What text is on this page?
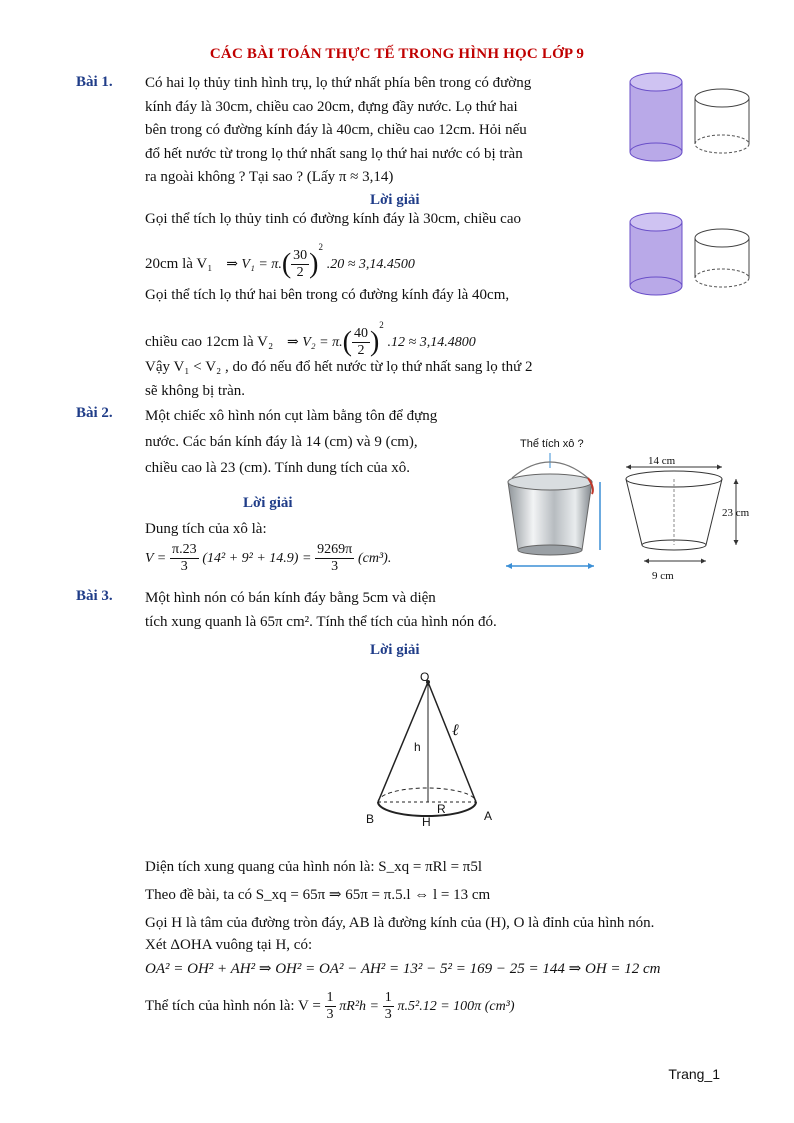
CÁC BÀI TOÁN THỰC TẾ TRONG HÌNH HỌC LỚP 9
Bài 1. Có hai lọ thủy tinh hình trụ, lọ thứ nhất phía bên trong có đường
kính đáy là 30cm, chiều cao 20cm, đựng đầy nước. Lọ thứ hai
bên trong có đường kính đáy là 40cm, chiều cao 12cm. Hỏi nếu
đổ hết nước từ trong lọ thứ nhất sang lọ thứ hai nước có bị tràn
ra ngoài không ? Tại sao ? (Lấy π ≈ 3,14)
Lời giải
Gọi thể tích lọ thủy tinh có đường kính đáy là 30cm, chiều cao
20cm là V₁ ⇒ $V_1 = \pi.( \frac{30}{2} )^2$ .20 ≈ 3,14.4500
Gọi thể tích lọ thứ hai bên trong có đường kính đáy là 40cm,
chiều cao 12cm là V₂ ⇒ $V_2 = \pi.( \frac{40}{2} )^2$ .12 ≈ 3,14.4800
Vậy V₁ < V₂ , do đó nếu đổ hết nước từ lọ thứ nhất sang lọ thứ 2
sẽ không bị tràn.
Bài 2. Một chiếc xô hình nón cụt làm bằng tôn để đựng
nước. Các bán kính đáy là 14 (cm) và 9 (cm),
chiều cao là 23 (cm). Tính dung tích của xô.
Lời giải
Dung tích của xô là:
$V = \frac{\pi.23}{3} (14^2 + 9^2 + 14.9) = \frac{9269\pi}{3} (cm^3)$.
Thể tích xô ?
14 cm
23 cm
9 cm
Bài 3. Một hình nón có bán kính đáy bằng 5cm và diện
tích xung quanh là 65π cm². Tính thể tích của hình nón đó.
Lời giải
O
h
ℓ
R
B	H	A
Diện tích xung quang của hình nón là: S_xq = πRl = π5l
Theo đề bài, ta có S_xq = 65π ⇒ 65π = π.5.l ⇔ l = 13 cm
Gọi H là tâm của đường tròn đáy, AB là đường kính của (H), O là đỉnh của hình nón.
Xét ΔOHA vuông tại H, có:
OA² = OH² + AH² ⇒ OH² = OA² − AH² = 13² − 5² = 169 − 25 = 144 ⇒ OH = 12 cm
Thể tích của hình nón là: $V = \frac{1}{3} \pi R^2h = \frac{1}{3} \pi.5^2.12 = 100\pi$ (cm³)
Trang_1
